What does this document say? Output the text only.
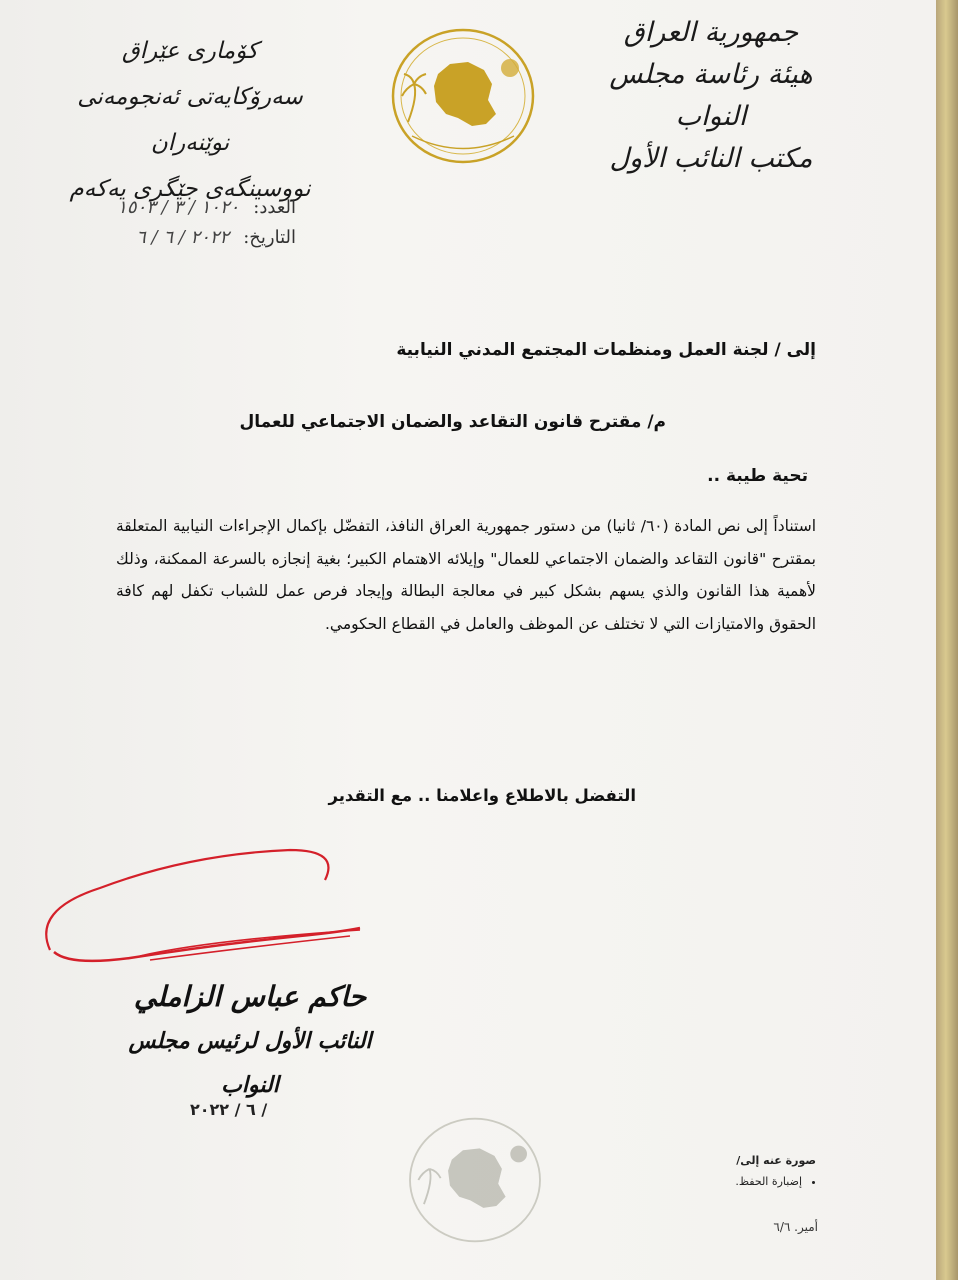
جمهورية العراق
هيئة رئاسة مجلس النواب
مكتب النائب الأول
كۆماری عێراق
سەرۆكایەتی ئەنجومەنی نوێنەران
نووسینگەی جێگری یەكەم
العدد:
١٠٢٠ / ٣ / ١٥٠٣
التاريخ:
٢٠٢٢ / ٦ / ٦
إلى / لجنة العمل ومنظمات المجتمع المدني النيابية
م/ مقترح قانون التقاعد والضمان الاجتماعي للعمال
تحية طيبة ..
استناداً إلى نص المادة (٦٠/ ثانيا) من دستور جمهورية العراق النافذ، التفضّل بإكمال الإجراءات النيابية المتعلقة بمقترح "قانون التقاعد والضمان الاجتماعي للعمال" وإيلائه الاهتمام الكبير؛ بغية إنجازه بالسرعة الممكنة، وذلك لأهمية هذا القانون والذي يسهم بشكل كبير في معالجة البطالة وإيجاد فرص عمل للشباب تكفل لهم كافة الحقوق والامتيازات التي لا تختلف عن الموظف والعامل في القطاع الحكومي.
التفضل بالاطلاع واعلامنا .. مع التقدير
حاكم عباس الزاملي
النائب الأول لرئيس مجلس النواب
/ ٦ / ٢٠٢٢
صورة عنه إلى/
• إضبارة الحفظ.
أمير. ٦/٦
